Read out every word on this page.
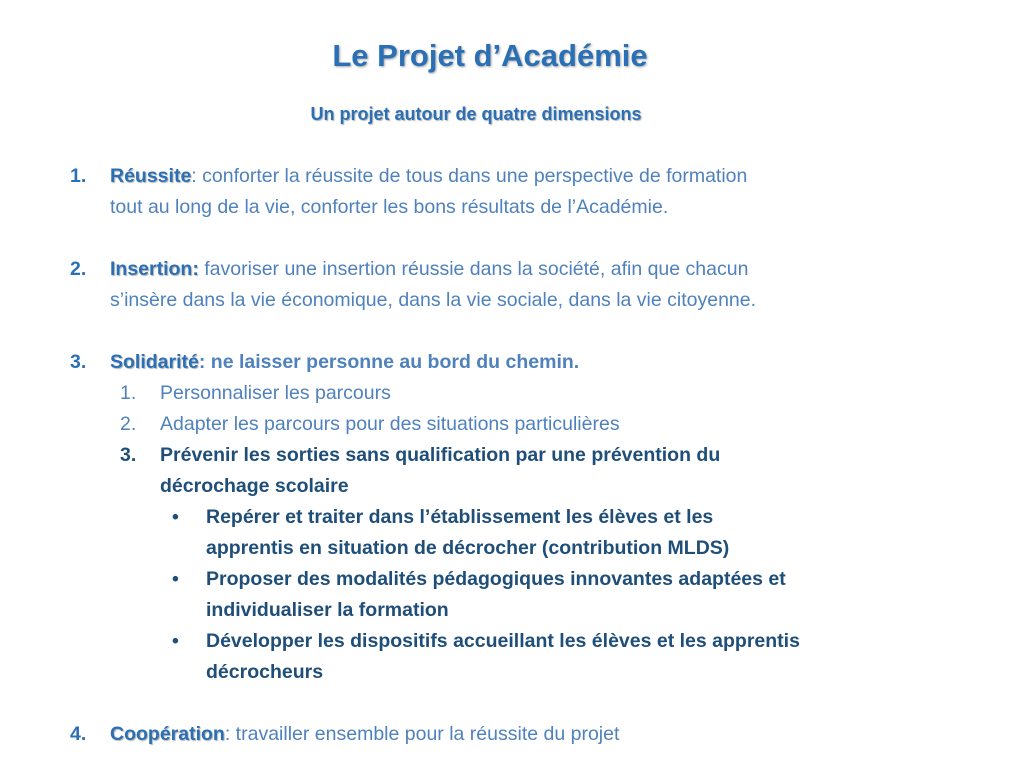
Le Projet d’Académie
Un projet autour de quatre dimensions
1. Réussite: conforter la réussite de tous dans une perspective de formation
tout au long de la vie, conforter les bons résultats de l’Académie.
2. Insertion: favoriser une insertion réussie dans la société, afin que chacun
s’insère dans la vie économique, dans la vie sociale, dans la vie citoyenne.
3. Solidarité: ne laisser personne au bord du chemin.
1. Personnaliser les parcours
2. Adapter les parcours pour des situations particulières
3. Prévenir les sorties sans qualification par une prévention du
décrochage scolaire
• Repérer et traiter dans l’établissement les élèves et les
apprentis en situation de décrocher (contribution MLDS)
• Proposer des modalités pédagogiques innovantes adaptées et
individualiser la formation
• Développer les dispositifs accueillant les élèves et les apprentis
décrocheurs
4. Coopération: travailler ensemble pour la réussite du projet
